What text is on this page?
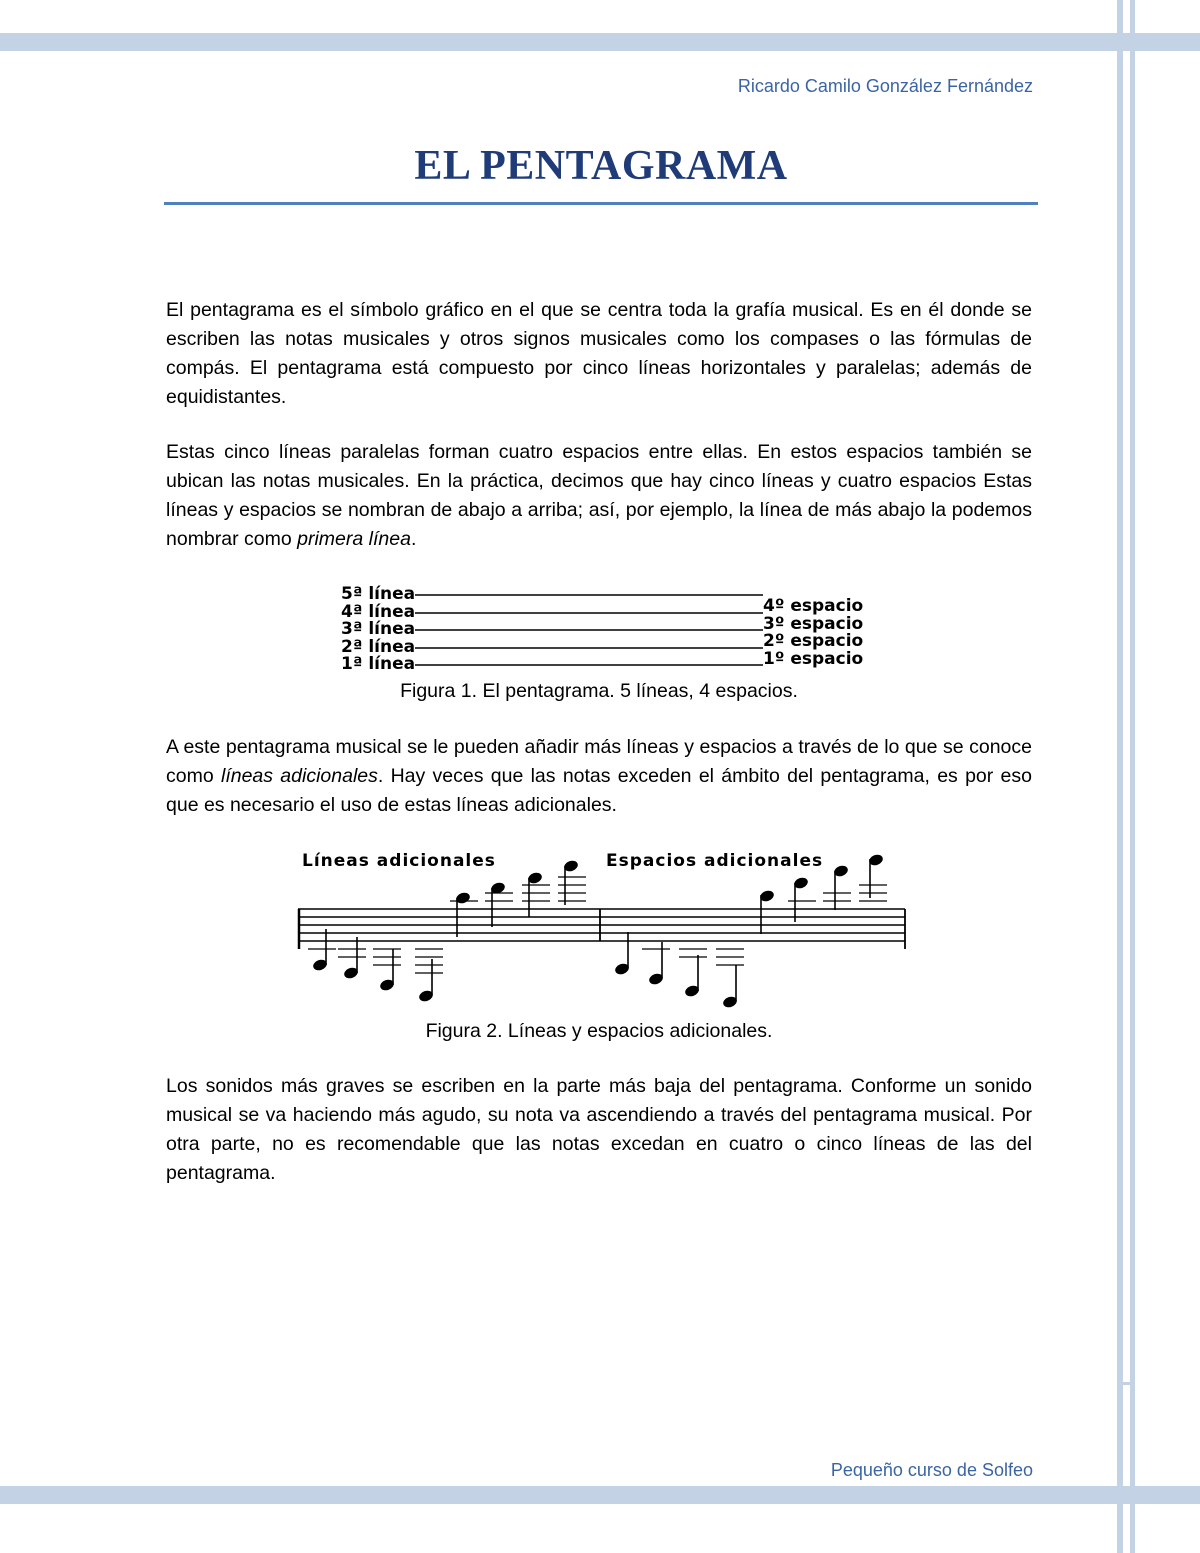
Ricardo Camilo González Fernández
EL PENTAGRAMA

El pentagrama es el símbolo gráfico en el que se centra toda la grafía musical. Es en él donde se escriben las notas musicales y otros signos musicales como los compases o las fórmulas de compás. El pentagrama está compuesto por cinco líneas horizontales y paralelas; además de equidistantes.

Estas cinco líneas paralelas forman cuatro espacios entre ellas. En estos espacios también se ubican las notas musicales. En la práctica, decimos que hay cinco líneas y cuatro espacios Estas líneas y espacios se nombran de abajo a arriba; así, por ejemplo, la línea de más abajo la podemos nombrar como primera línea.

5ª línea
4ª línea
3ª línea
2ª línea
1ª línea
4º espacio
3º espacio
2º espacio
1º espacio
Figura 1. El pentagrama. 5 líneas, 4 espacios.

A este pentagrama musical se le pueden añadir más líneas y espacios a través de lo que se conoce como líneas adicionales. Hay veces que las notas exceden el ámbito del pentagrama, es por eso que es necesario el uso de estas líneas adicionales.

Líneas adicionales	Espacios adicionales
Figura 2. Líneas y espacios adicionales.

Los sonidos más graves se escriben en la parte más baja del pentagrama. Conforme un sonido musical se va haciendo más agudo, su nota va ascendiendo a través del pentagrama musical. Por otra parte, no es recomendable que las notas excedan en cuatro o cinco líneas de las del pentagrama.

Pequeño curso de Solfeo
